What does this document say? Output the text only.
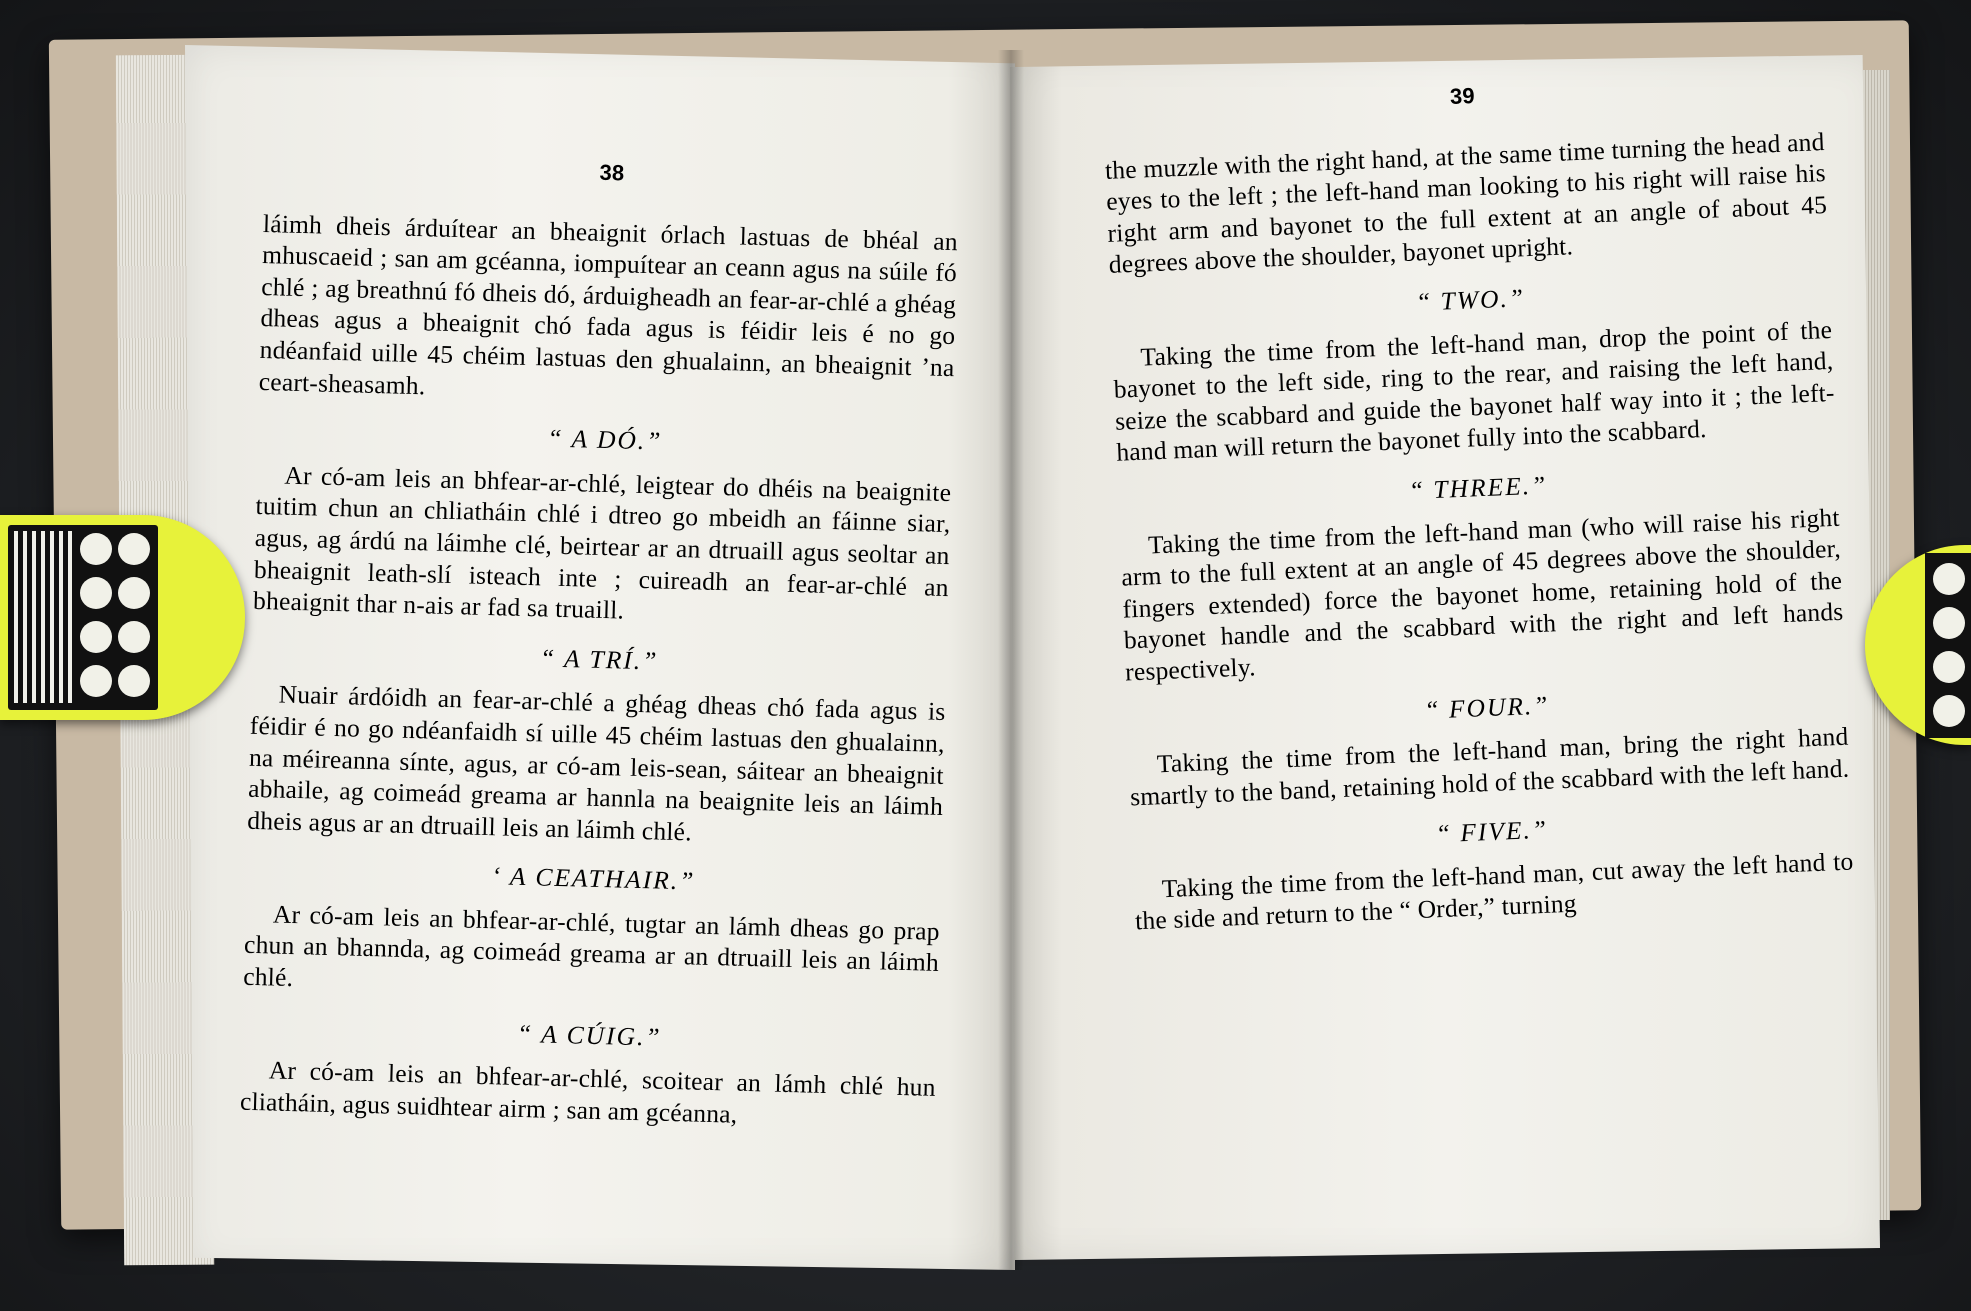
38
láimh dheis árduítear an bheaignit órlach lastuas de bhéal an mhuscaeid ; san am gcéanna, iompuítear an ceann agus na súile fó chlé ; ag breathnú fó dheis dó, árduigheadh an fear-ar-chlé a ghéag dheas agus a bheaignit chó fada agus is féidir leis é no go ndéanfaid uille 45 chéim lastuas den ghualainn, an bheaignit ’na ceart-sheasamh.
“ A DÓ.”
Ar có-am leis an bhfear-ar-chlé, leigtear do dhéis na beaignite tuitim chun an chliatháin chlé i dtreo go mbeidh an fáinne siar, agus, ag árdú na láimhe clé, beirtear ar an dtruaill agus seoltar an bheaignit leath-slí isteach inte ; cuireadh an fear-ar-chlé an bheaignit thar n-ais ar fad sa truaill.
“ A TRÍ.”
Nuair árdóidh an fear-ar-chlé a ghéag dheas chó fada agus is féidir é no go ndéanfaidh sí uille 45 chéim lastuas den ghualainn, na méireanna sínte, agus, ar có-am leis-sean, sáitear an bheaignit abhaile, ag coimeád greama ar hannla na beaignite leis an láimh dheis agus ar an dtruaill leis an láimh chlé.
‘ A CEATHAIR.”
Ar có-am leis an bhfear-ar-chlé, tugtar an lámh dheas go prap chun an bhannda, ag coimeád greama ar an dtruaill leis an láimh chlé.
“ A CÚIG.”
Ar có-am leis an bhfear-ar-chlé, scoitear an lámh chlé hun cliatháin, agus suidhtear airm ; san am gcéanna,
39
the muzzle with the right hand, at the same time turning the head and eyes to the left ; the left-hand man looking to his right will raise his right arm and bayonet to the full extent at an angle of about 45 degrees above the shoulder, bayonet upright.
“ TWO.”
Taking the time from the left-hand man, drop the point of the bayonet to the left side, ring to the rear, and raising the left hand, seize the scabbard and guide the bayonet half way into it ; the left-hand man will return the bayonet fully into the scabbard.
“ THREE.”
Taking the time from the left-hand man (who will raise his right arm to the full extent at an angle of 45 degrees above the shoulder, fingers extended) force the bayonet home, retaining hold of the bayonet handle and the scabbard with the right and left hands respectively.
“ FOUR.”
Taking the time from the left-hand man, bring the right hand smartly to the band, retaining hold of the scabbard with the left hand.
“ FIVE.”
Taking the time from the left-hand man, cut away the left hand to the side and return to the “ Order,” turning
